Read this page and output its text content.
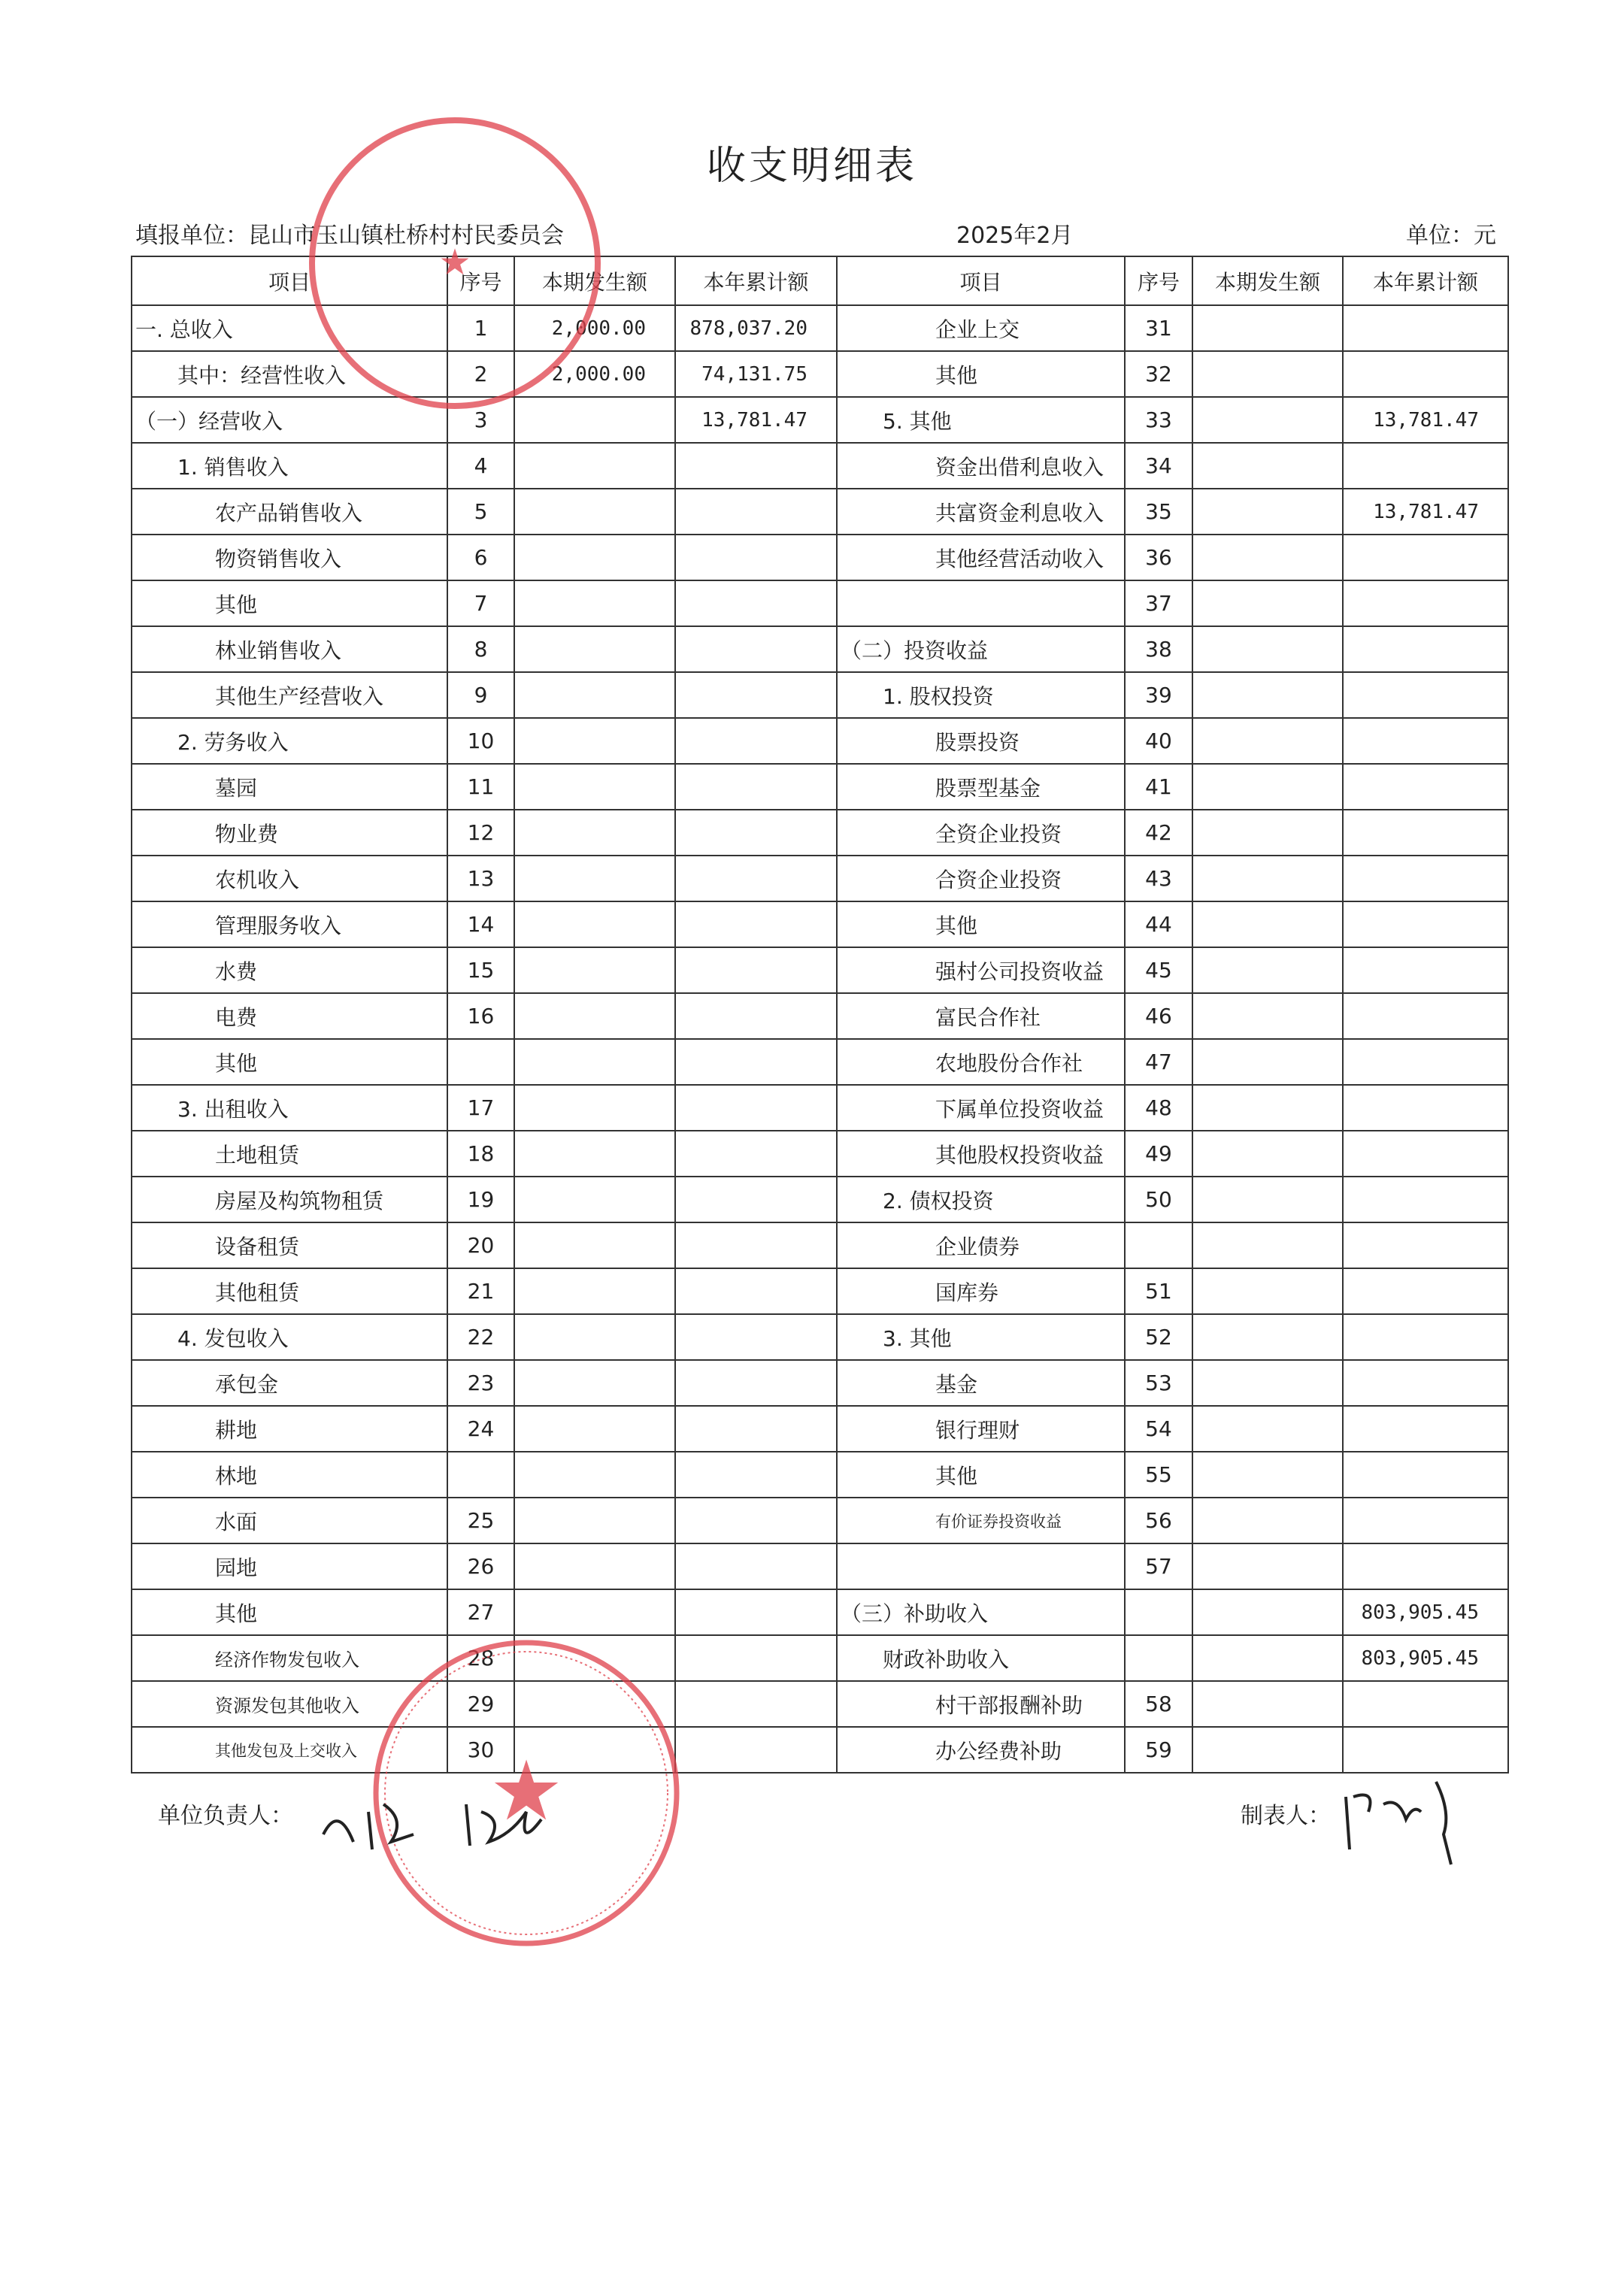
收支明细表
填报单位：昆山市玉山镇杜桥村村民委员会	2025年2月	单位：元
项目	序号	本期发生额	本年累计额	项目	序号	本期发生额	本年累计额
一. 总收入	1	2,000.00	878,037.20	企业上交	31		
其中：经营性收入	2	2,000.00	74,131.75	其他	32		
（一）经营收入	3		13,781.47	5. 其他	33		13,781.47
1. 销售收入	4			资金出借利息收入	34		
农产品销售收入	5			共富资金利息收入	35		13,781.47
物资销售收入	6			其他经营活动收入	36		
其他	7				37		
林业销售收入	8			（二）投资收益	38		
其他生产经营收入	9			1. 股权投资	39		
2. 劳务收入	10			股票投资	40		
墓园	11			股票型基金	41		
物业费	12			全资企业投资	42		
农机收入	13			合资企业投资	43		
管理服务收入	14			其他	44		
水费	15			强村公司投资收益	45		
电费	16			富民合作社	46		
其他				农地股份合作社	47		
3. 出租收入	17			下属单位投资收益	48		
土地租赁	18			其他股权投资收益	49		
房屋及构筑物租赁	19			2. 债权投资	50		
设备租赁	20			企业债券			
其他租赁	21			国库券	51		
4. 发包收入	22			3. 其他	52		
承包金	23			基金	53		
耕地	24			银行理财	54		
林地				其他	55		
水面	25			有价证券投资收益	56		
园地	26				57		
其他	27			（三）补助收入			803,905.45
经济作物发包收入	28			财政补助收入			803,905.45
资源发包其他收入	29			村干部报酬补助	58		
其他发包及上交收入	30			办公经费补助	59		
单位负责人：	制表人：
★
★
